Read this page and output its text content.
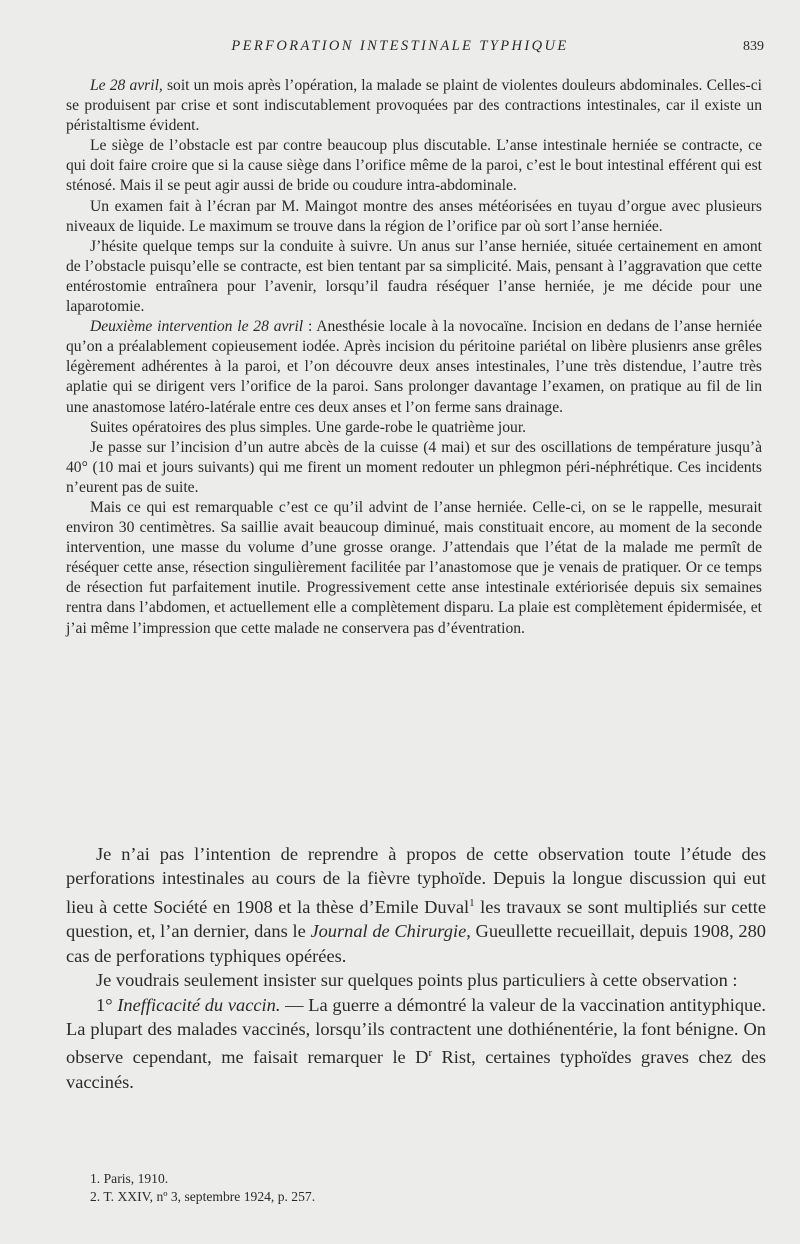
PERFORATION INTESTINALE TYPHIQUE	839

Le 28 avril, soit un mois après l’opération, la malade se plaint de violentes douleurs abdominales. Celles-ci se produisent par crise et sont indiscutablement provoquées par des contractions intestinales, car il existe un péristaltisme évident.

Le siège de l’obstacle est par contre beaucoup plus discutable. L’anse intestinale herniée se contracte, ce qui doit faire croire que si la cause siège dans l’orifice même de la paroi, c’est le bout intestinal efférent qui est sténosé. Mais il se peut agir aussi de bride ou coudure intra-abdominale.

Un examen fait à l’écran par M. Maingot montre des anses météorisées en tuyau d’orgue avec plusieurs niveaux de liquide. Le maximum se trouve dans la région de l’orifice par où sort l’anse herniée.

J’hésite quelque temps sur la conduite à suivre. Un anus sur l’anse herniée, située certainement en amont de l’obstacle puisqu’elle se contracte, est bien tentant par sa simplicité. Mais, pensant à l’aggravation que cette entérostomie entraînera pour l’avenir, lorsqu’il faudra réséquer l’anse herniée, je me décide pour une laparotomie.

Deuxième intervention le 28 avril : Anesthésie locale à la novocaïne. Incision en dedans de l’anse herniée qu’on a préalablement copieusement iodée. Après incision du péritoine pariétal on libère plusienrs anse grêles légèrement adhérentes à la paroi, et l’on découvre deux anses intestinales, l’une très distendue, l’autre très aplatie qui se dirigent vers l’orifice de la paroi. Sans prolonger davantage l’examen, on pratique au fil de lin une anastomose latéro-latérale entre ces deux anses et l’on ferme sans drainage.

Suites opératoires des plus simples. Une garde-robe le quatrième jour.

Je passe sur l’incision d’un autre abcès de la cuisse (4 mai) et sur des oscillations de température jusqu’à 40° (10 mai et jours suivants) qui me firent un moment redouter un phlegmon péri-néphrétique. Ces incidents n’eurent pas de suite.

Mais ce qui est remarquable c’est ce qu’il advint de l’anse herniée. Celle-ci, on se le rappelle, mesurait environ 30 centimètres. Sa saillie avait beaucoup diminué, mais constituait encore, au moment de la seconde intervention, une masse du volume d’une grosse orange. J’attendais que l’état de la malade me permît de réséquer cette anse, résection singulièrement facilitée par l’anastomose que je venais de pratiquer. Or ce temps de résection fut parfaitement inutile. Progressivement cette anse intestinale extériorisée depuis six semaines rentra dans l’abdomen, et actuellement elle a complètement disparu. La plaie est complètement épidermisée, et j’ai même l’impression que cette malade ne conservera pas d’éventration.

Je n’ai pas l’intention de reprendre à propos de cette observation toute l’étude des perforations intestinales au cours de la fièvre typhoïde. Depuis la longue discussion qui eut lieu à cette Société en 1908 et la thèse d’Emile Duval$^1$ les travaux se sont multipliés sur cette question, et, l’an dernier, dans le Journal de Chirurgie, Gueullette recueillait, depuis 1908, 280 cas de perforations typhiques opérées.

Je voudrais seulement insister sur quelques points plus particuliers à cette observation :

1° Inefficacité du vaccin. — La guerre a démontré la valeur de la vaccination antityphique. La plupart des malades vaccinés, lorsqu’ils contractent une dothiénentérie, la font bénigne. On observe cependant, me faisait remarquer le $D^r$ Rist, certaines typhoïdes graves chez des vaccinés.

1. Paris, 1910.
2. T. XXIV, nº 3, septembre 1924, p. 257.
